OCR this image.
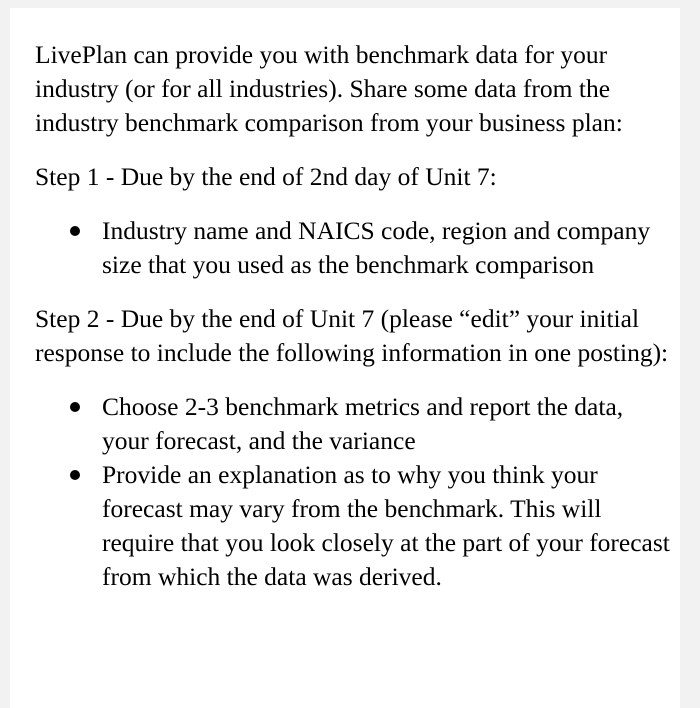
LivePlan can provide you with benchmark data for your industry (or for all industries). Share some data from the industry benchmark comparison from your business plan:

Step 1 - Due by the end of 2nd day of Unit 7:

Industry name and NAICS code, region and company size that you used as the benchmark comparison

Step 2 - Due by the end of Unit 7 (please “edit” your initial response to include the following information in one posting):

Choose 2-3 benchmark metrics and report the data, your forecast, and the variance
Provide an explanation as to why you think your forecast may vary from the benchmark. This will require that you look closely at the part of your forecast from which the data was derived.
